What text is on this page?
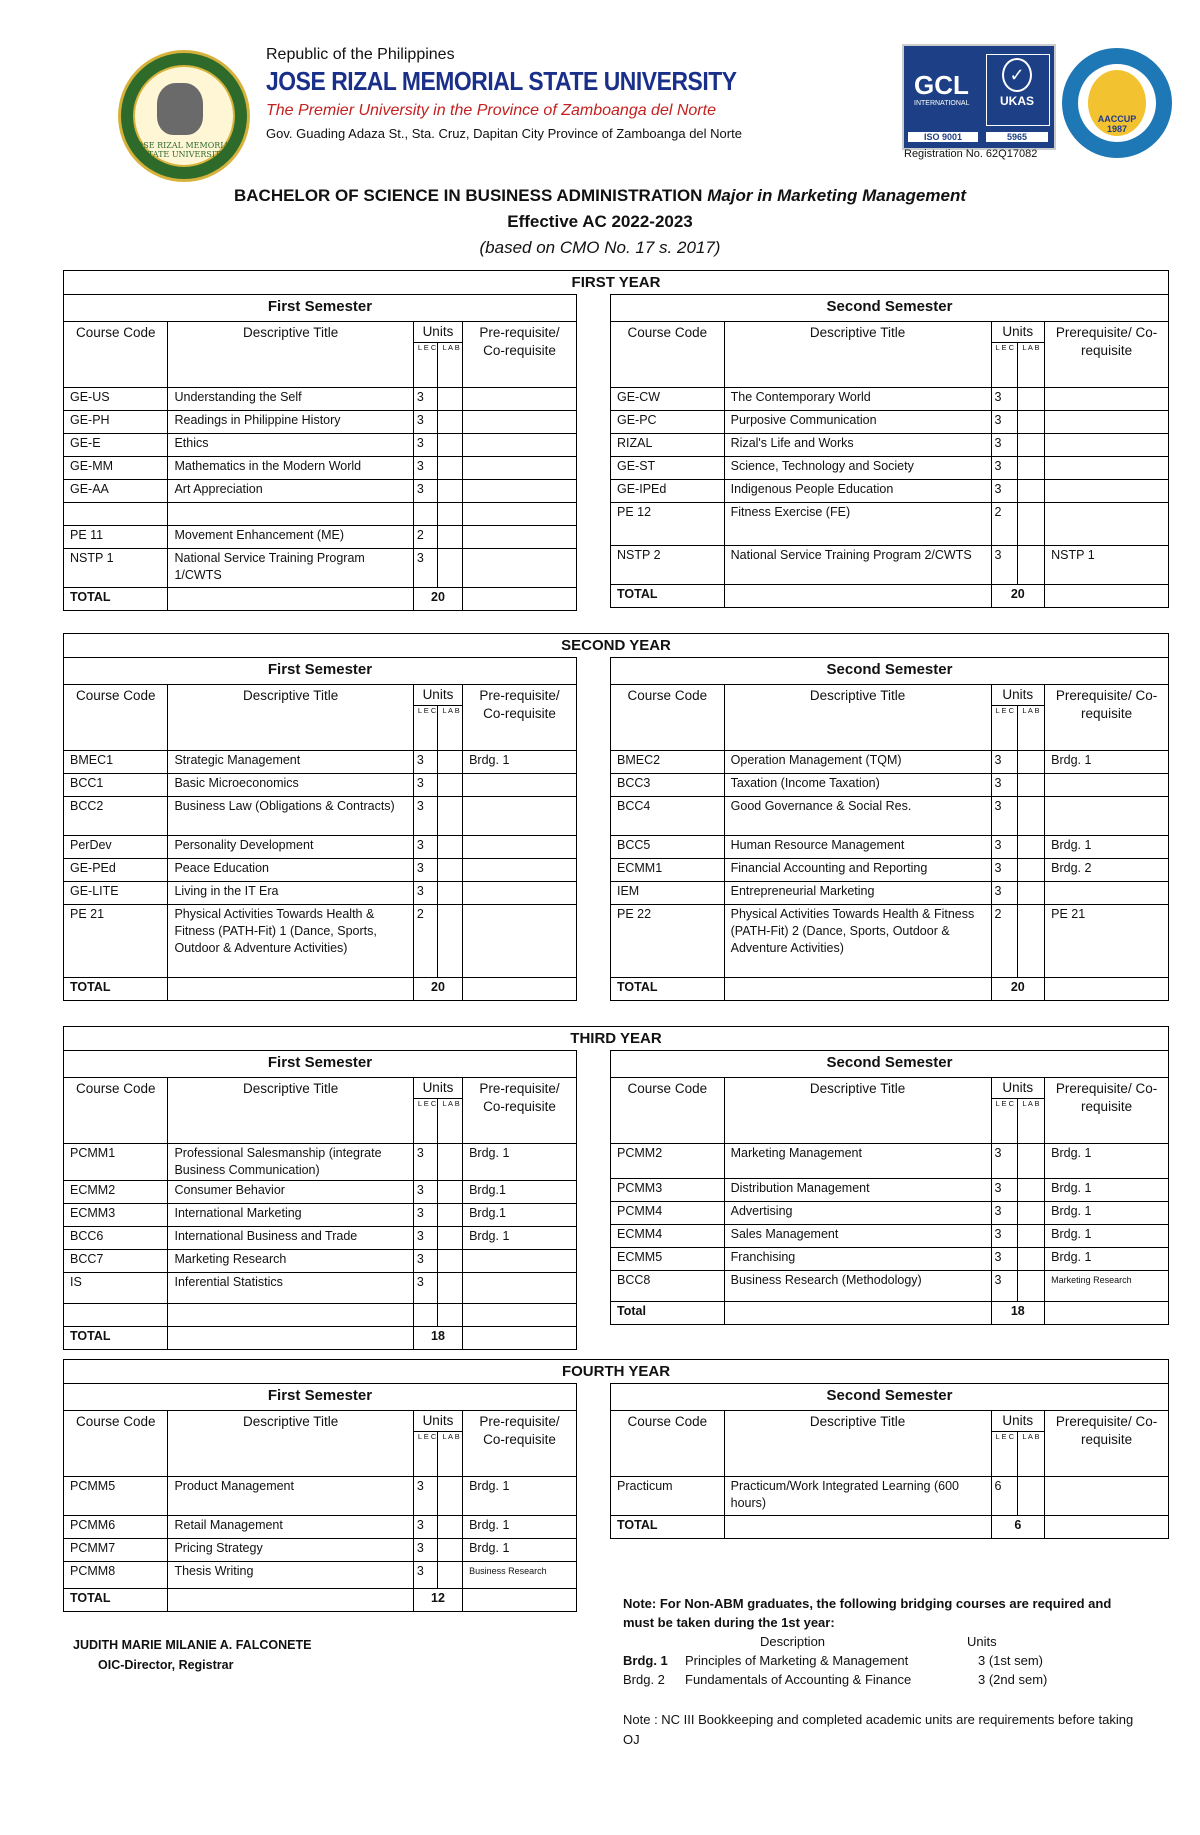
JOSE RIZAL MEMORIAL STATE UNIVERSITY
Republic of the Philippines
JOSE RIZAL MEMORIAL STATE UNIVERSITY
The Premier University in the Province of Zamboanga del Norte
Gov. Guading Adaza St., Sta. Cruz, Dapitan City Province of Zamboanga del Norte
GCL
INTERNATIONAL
✓
UKAS
ISO 9001	5965
Registration No. 62Q17082
AACCUP
1987
BACHELOR OF SCIENCE IN BUSINESS ADMINISTRATION Major in Marketing Management
Effective AC 2022-2023
(based on CMO No. 17 s. 2017)
FIRST YEAR
First Semester				
Course Code	Descriptive Title	Units
L E C L A B		Pre-requisite/ Co-requisite
GE-US	Understanding the Self	3		
GE-PH	Readings in Philippine History	3		
GE-E	Ethics	3		
GE-MM	Mathematics in the Modern World	3		
GE-AA	Art Appreciation	3		

PE 11	Movement Enhancement (ME)	2		
NSTP 1	National Service Training Program 1/CWTS	3		
TOTAL		20		
Second Semester				
Course Code	Descriptive Title	Units
L E C L A B		Prerequisite/ Co-requisite
GE-CW	The Contemporary World	3		
GE-PC	Purposive Communication	3		
RIZAL	Rizal's Life and Works	3		
GE-ST	Science, Technology and Society	3		
GE-IPEd	Indigenous People Education	3		
PE 12	Fitness Exercise (FE)	2		
NSTP 2	National Service Training Program 2/CWTS	3		NSTP 1
TOTAL		20		
SECOND YEAR
First Semester				
Course Code	Descriptive Title	Units
L E C L A B		Pre-requisite/ Co-requisite
BMEC1	Strategic Management	3		Brdg. 1
BCC1	Basic Microeconomics	3		
BCC2	Business Law (Obligations & Contracts)	3		
PerDev	Personality Development	3		
GE-PEd	Peace Education	3		
GE-LITE	Living in the IT Era	3		
PE 21	Physical Activities Towards Health & Fitness (PATH-Fit) 1 (Dance, Sports, Outdoor & Adventure Activities)	2		
TOTAL		20		
Second Semester				
Course Code	Descriptive Title	Units
L E C L A B		Prerequisite/ Co-requisite
BMEC2	Operation Management (TQM)	3		Brdg. 1
BCC3	Taxation (Income Taxation)	3		
BCC4	Good Governance & Social Res.	3		
BCC5	Human Resource Management	3		Brdg. 1
ECMM1	Financial Accounting and Reporting	3		Brdg. 2
IEM	Entrepreneurial Marketing	3		
PE 22	Physical Activities Towards Health & Fitness (PATH-Fit) 2 (Dance, Sports, Outdoor & Adventure Activities)	2		PE 21
TOTAL		20		
THIRD YEAR
First Semester				
Course Code	Descriptive Title	Units
L E C L A B		Pre-requisite/ Co-requisite
PCMM1	Professional Salesmanship (integrate Business Communication)	3		Brdg. 1
ECMM2	Consumer Behavior	3		Brdg.1
ECMM3	International Marketing	3		Brdg.1
BCC6	International Business and Trade	3		Brdg. 1
BCC7	Marketing Research	3		
IS	Inferential Statistics	3		

TOTAL		18		
Second Semester				
Course Code	Descriptive Title	Units
L E C L A B		Prerequisite/ Co-requisite
PCMM2	Marketing Management	3		Brdg. 1
PCMM3	Distribution Management	3		Brdg. 1
PCMM4	Advertising	3		Brdg. 1
ECMM4	Sales Management	3		Brdg. 1
ECMM5	Franchising	3		Brdg. 1
BCC8	Business Research (Methodology)	3		Marketing Research
Total		18		
FOURTH YEAR
First Semester				
Course Code	Descriptive Title	Units
L E C L A B		Pre-requisite/ Co-requisite
PCMM5	Product Management	3		Brdg. 1
PCMM6	Retail Management	3		Brdg. 1
PCMM7	Pricing Strategy	3		Brdg. 1
PCMM8	Thesis Writing	3		Business Research
TOTAL		12		
Second Semester				
Course Code	Descriptive Title	Units
L E C L A B		Prerequisite/ Co-requisite
Practicum	Practicum/Work Integrated Learning (600 hours)	6		
TOTAL		6		
JUDITH MARIE MILANIE A. FALCONETE
OIC-Director, Registrar
Note: For Non-ABM graduates, the following bridging courses are required and must be taken during the 1st year:
Description	Units
Brdg. 1 Principles of Marketing & Management	3 (1st sem)
Brdg. 2 Fundamentals of Accounting & Finance	3 (2nd sem)
Note : NC III Bookkeeping and completed academic units are requirements before taking OJ
